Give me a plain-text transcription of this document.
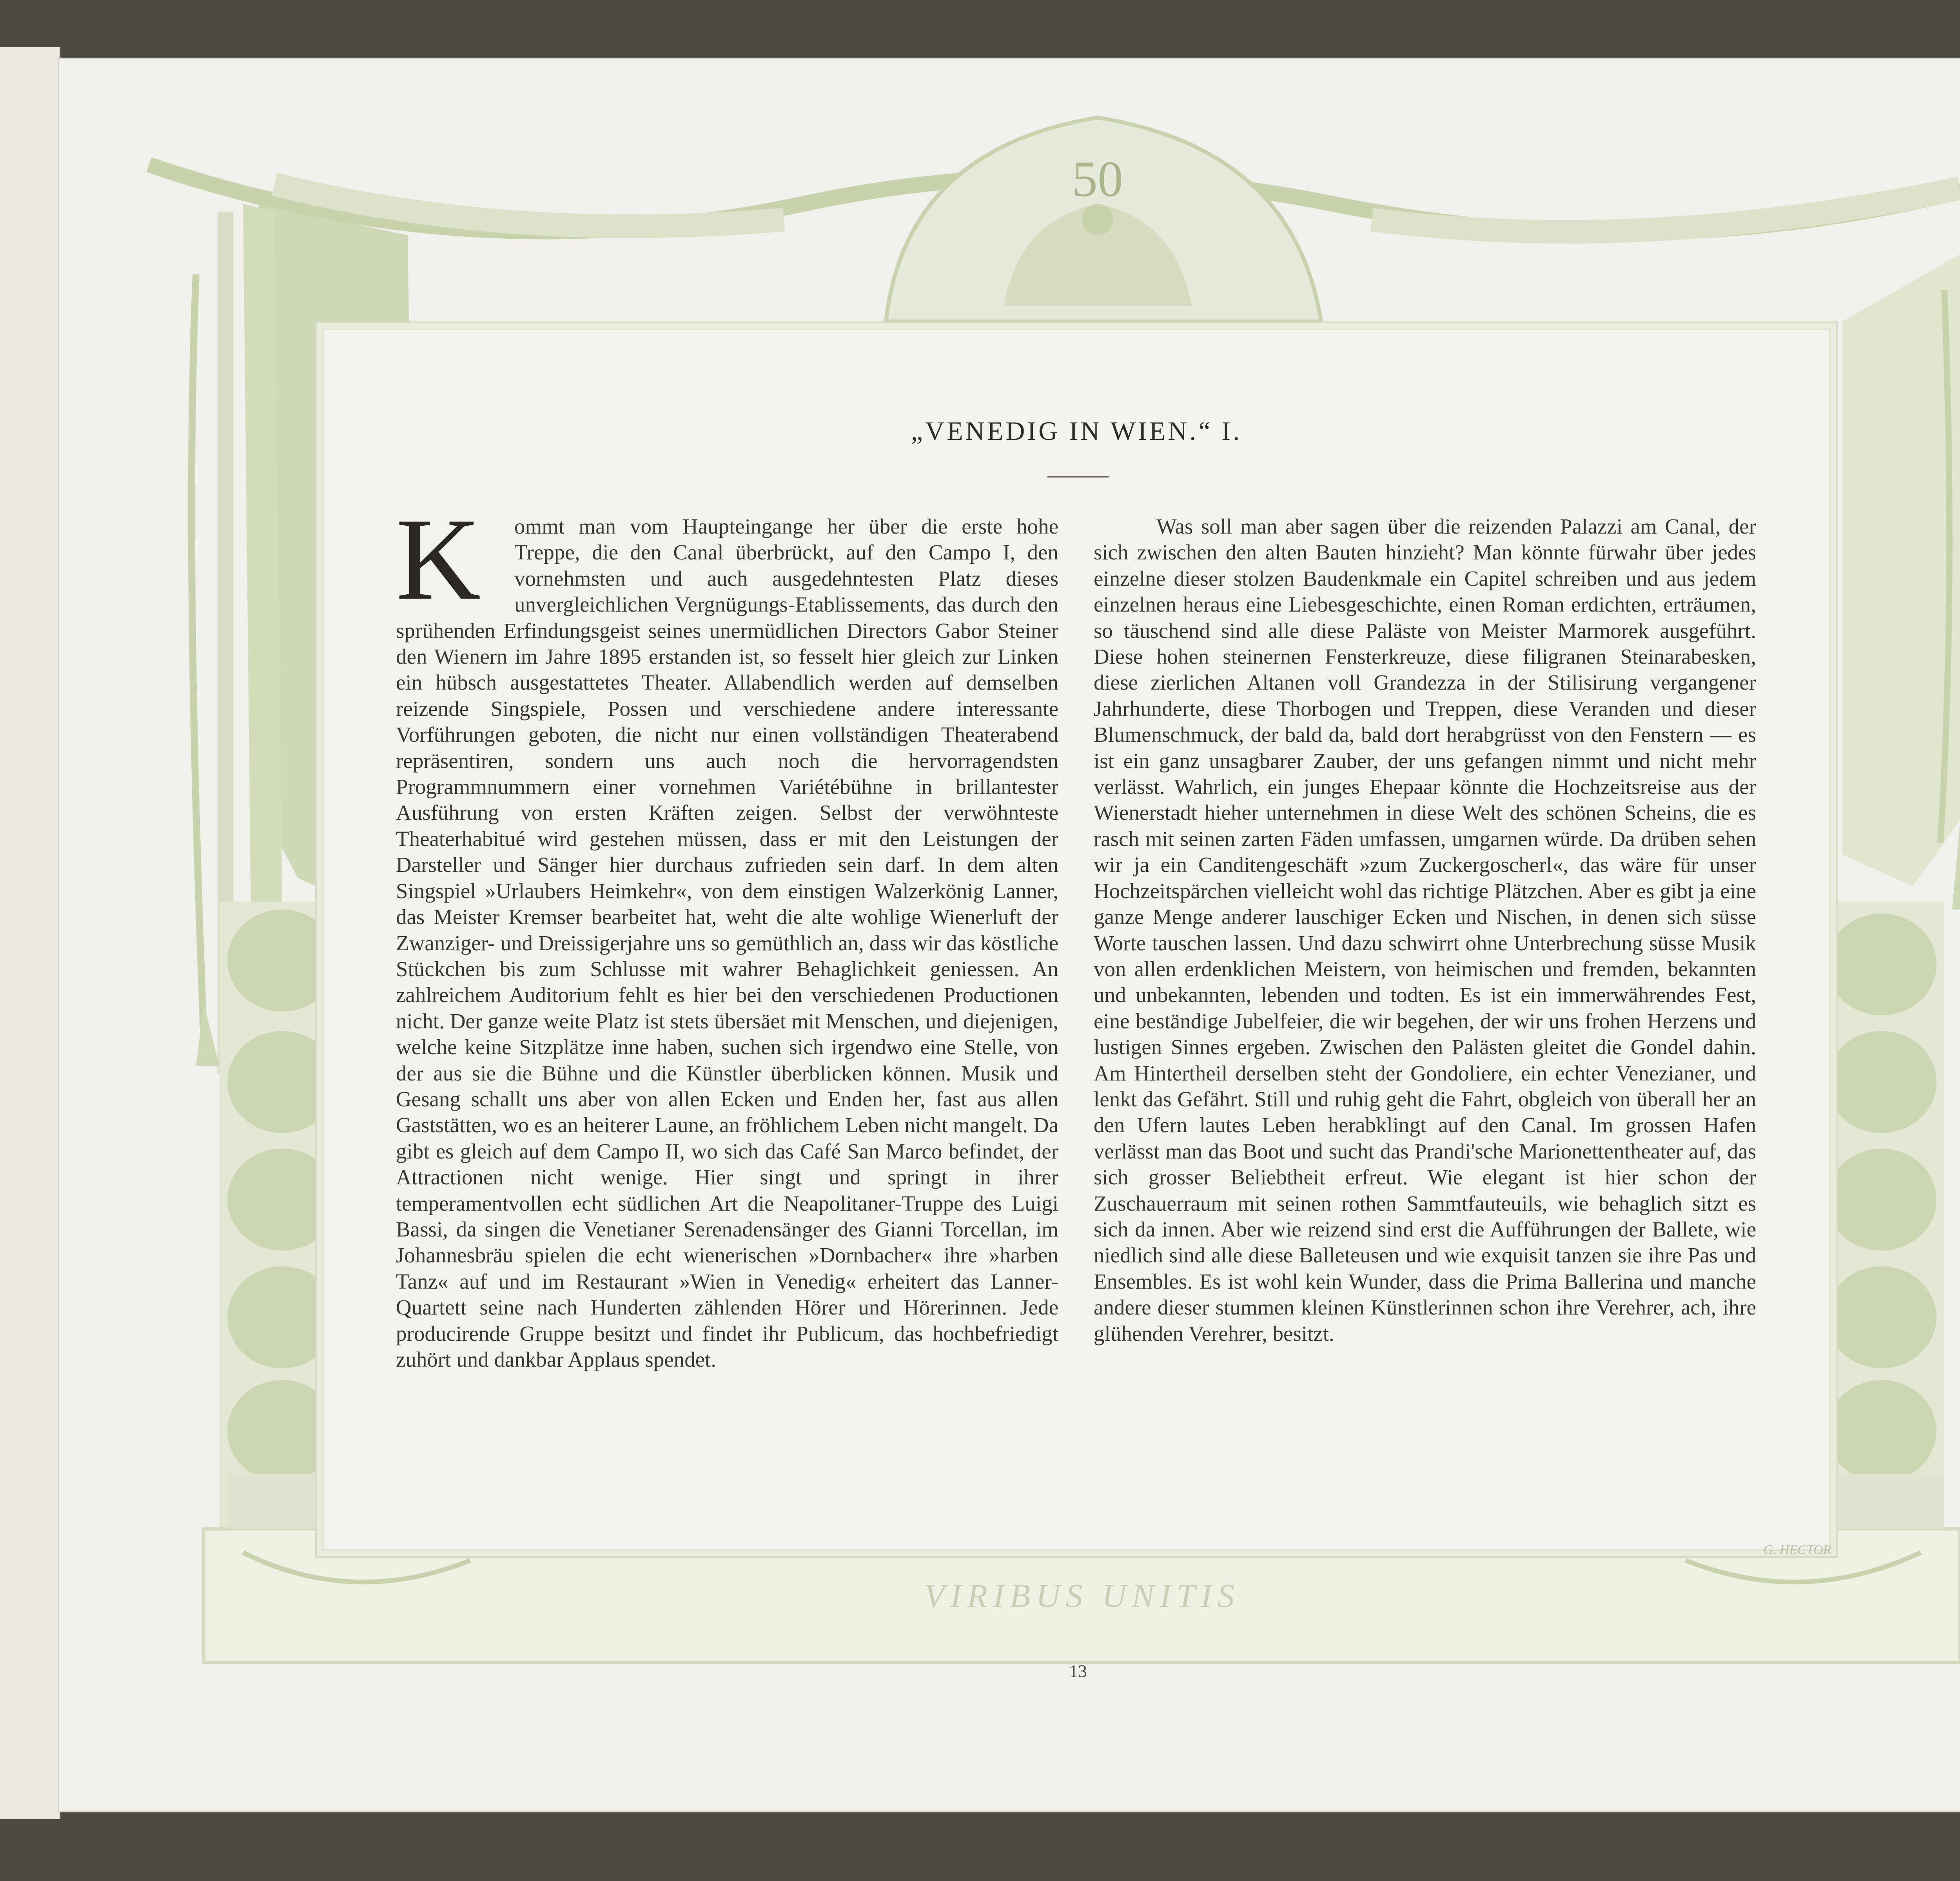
50
„VENEDIG IN WIEN.“ I.
K	ommt man vom Haupteingange her über die erste hohe Treppe, die den Canal überbrückt, auf den Campo I, den vornehmsten und auch ausgedehntesten Platz dieses unvergleichlichen Vergnügungs-Etablissements, das durch den sprühenden Erfindungsgeist seines unermüdlichen Directors Gabor Steiner den Wienern im Jahre 1895 erstanden ist, so fesselt hier gleich zur Linken ein hübsch ausgestattetes Theater. Allabendlich werden auf demselben reizende Singspiele, Possen und verschiedene andere interessante Vorführungen geboten, die nicht nur einen vollständigen Theaterabend repräsentiren, sondern uns auch noch die hervorragendsten Programmnummern einer vornehmen Variétébühne in brillantester Ausführung von ersten Kräften zeigen. Selbst der verwöhnteste Theaterhabitué wird gestehen müssen, dass er mit den Leistungen der Darsteller und Sänger hier durchaus zufrieden sein darf. In dem alten Singspiel »Urlaubers Heimkehr«, von dem einstigen Walzerkönig Lanner, das Meister Kremser bearbeitet hat, weht die alte wohlige Wienerluft der Zwanziger- und Dreissigerjahre uns so gemüthlich an, dass wir das köstliche Stückchen bis zum Schlusse mit wahrer Behaglichkeit geniessen. An zahlreichem Auditorium fehlt es hier bei den verschiedenen Productionen nicht. Der ganze weite Platz ist stets übersäet mit Menschen, und diejenigen, welche keine Sitzplätze inne haben, suchen sich irgendwo eine Stelle, von der aus sie die Bühne und die Künstler überblicken können. Musik und Gesang schallt uns aber von allen Ecken und Enden her, fast aus allen Gaststätten, wo es an heiterer Laune, an fröhlichem Leben nicht mangelt. Da gibt es gleich auf dem Campo II, wo sich das Café San Marco befindet, der Attractionen nicht wenige. Hier singt und springt in ihrer temperamentvollen echt südlichen Art die Neapolitaner-Truppe des Luigi Bassi, da singen die Venetianer Serenadensänger des Gianni Torcellan, im Johannesbräu spielen die echt wienerischen »Dornbacher« ihre »harben Tanz« auf und im Restaurant »Wien in Venedig« erheitert das Lanner-Quartett seine nach Hunderten zählenden Hörer und Hörerinnen. Jede producirende Gruppe besitzt und findet ihr Publicum, das hochbefriedigt zuhört und dankbar Applaus spendet.

Was soll man aber sagen über die reizenden Palazzi am Canal, der sich zwischen den alten Bauten hinzieht? Man könnte fürwahr über jedes einzelne dieser stolzen Baudenkmale ein Capitel schreiben und aus jedem einzelnen heraus eine Liebesgeschichte, einen Roman erdichten, erträumen, so täuschend sind alle diese Paläste von Meister Marmorek ausgeführt. Diese hohen steinernen Fensterkreuze, diese filigranen Steinarabesken, diese zierlichen Altanen voll Grandezza in der Stilisirung vergangener Jahrhunderte, diese Thorbogen und Treppen, diese Veranden und dieser Blumenschmuck, der bald da, bald dort herabgrüsst von den Fenstern — es ist ein ganz unsagbarer Zauber, der uns gefangen nimmt und nicht mehr verlässt. Wahrlich, ein junges Ehepaar könnte die Hochzeitsreise aus der Wienerstadt hieher unternehmen in diese Welt des schönen Scheins, die es rasch mit seinen zarten Fäden umfassen, umgarnen würde. Da drüben sehen wir ja ein Canditengeschäft »zum Zuckergoscherl«, das wäre für unser Hochzeitspärchen vielleicht wohl das richtige Plätzchen. Aber es gibt ja eine ganze Menge anderer lauschiger Ecken und Nischen, in denen sich süsse Worte tauschen lassen. Und dazu schwirrt ohne Unterbrechung süsse Musik von allen erdenklichen Meistern, von heimischen und fremden, bekannten und unbekannten, lebenden und todten. Es ist ein immerwährendes Fest, eine beständige Jubelfeier, die wir begehen, der wir uns frohen Herzens und lustigen Sinnes ergeben. Zwischen den Palästen gleitet die Gondel dahin. Am Hintertheil derselben steht der Gondoliere, ein echter Venezianer, und lenkt das Gefährt. Still und ruhig geht die Fahrt, obgleich von überall her an den Ufern lautes Leben herabklingt auf den Canal. Im grossen Hafen verlässt man das Boot und sucht das Prandi'sche Marionettentheater auf, das sich grosser Beliebtheit erfreut. Wie elegant ist hier schon der Zuschauerraum mit seinen rothen Sammtfauteuils, wie behaglich sitzt es sich da innen. Aber wie reizend sind erst die Aufführungen der Ballete, wie niedlich sind alle diese Balleteusen und wie exquisit tanzen sie ihre Pas und Ensembles. Es ist wohl kein Wunder, dass die Prima Ballerina und manche andere dieser stummen kleinen Künstlerinnen schon ihre Verehrer, ach, ihre glühenden Verehrer, besitzt.

VIRIBUS UNITIS
G. HECTOR
13
